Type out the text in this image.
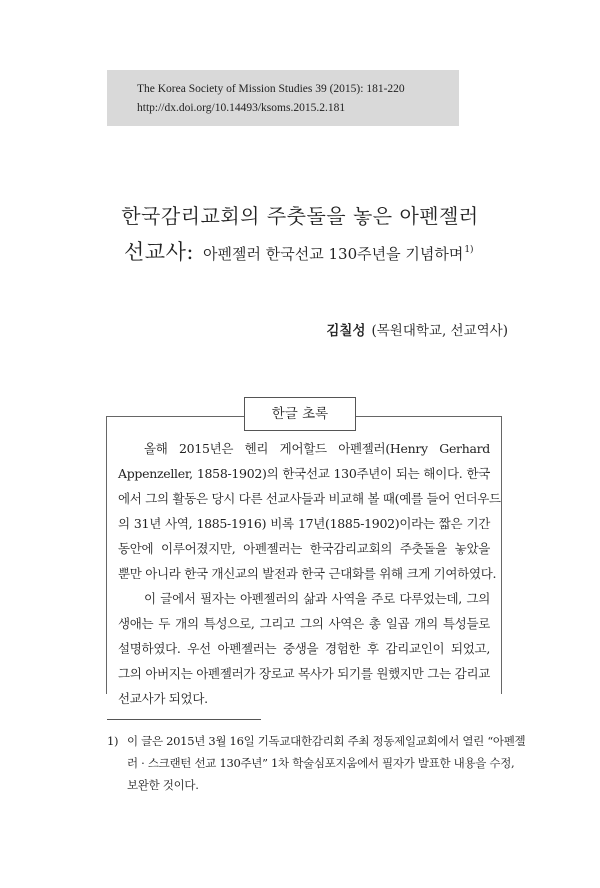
The Korea Society of Mission Studies 39 (2015): 181-220
http://dx.doi.org/10.14493/ksoms.2015.2.181
한국감리교회의 주춧돌을 놓은 아펜젤러
선교사: 아펜젤러 한국선교 130주년을 기념하며$^{1)}$
김칠성 (목원대학교, 선교역사)
한글 초록

올해 2015년은 헨리 게어할드 아펜젤러(Henry Gerhard
Appenzeller, 1858-1902)의 한국선교 130주년이 되는 해이다. 한국
에서 그의 활동은 당시 다른 선교사들과 비교해 볼 때(예를 들어 언더우드
의 31년 사역, 1885-1916) 비록 17년(1885-1902)이라는 짧은 기간
동안에 이루어졌지만, 아펜젤러는 한국감리교회의 주춧돌을 놓았을
뿐만 아니라 한국 개신교의 발전과 한국 근대화를 위해 크게 기여하였다.

이 글에서 필자는 아펜젤러의 삶과 사역을 주로 다루었는데, 그의
생애는 두 개의 특성으로, 그리고 그의 사역은 총 일곱 개의 특성들로
설명하였다. 우선 아펜젤러는 중생을 경험한 후 감리교인이 되었고,
그의 아버지는 아펜젤러가 장로교 목사가 되기를 원했지만 그는 감리교
선교사가 되었다.

1) 이 글은 2015년 3월 16일 기독교대한감리회 주최 정동제일교회에서 열린 “아펜젤
러 · 스크랜턴 선교 130주년” 1차 학술심포지움에서 필자가 발표한 내용을 수정,
보완한 것이다.
